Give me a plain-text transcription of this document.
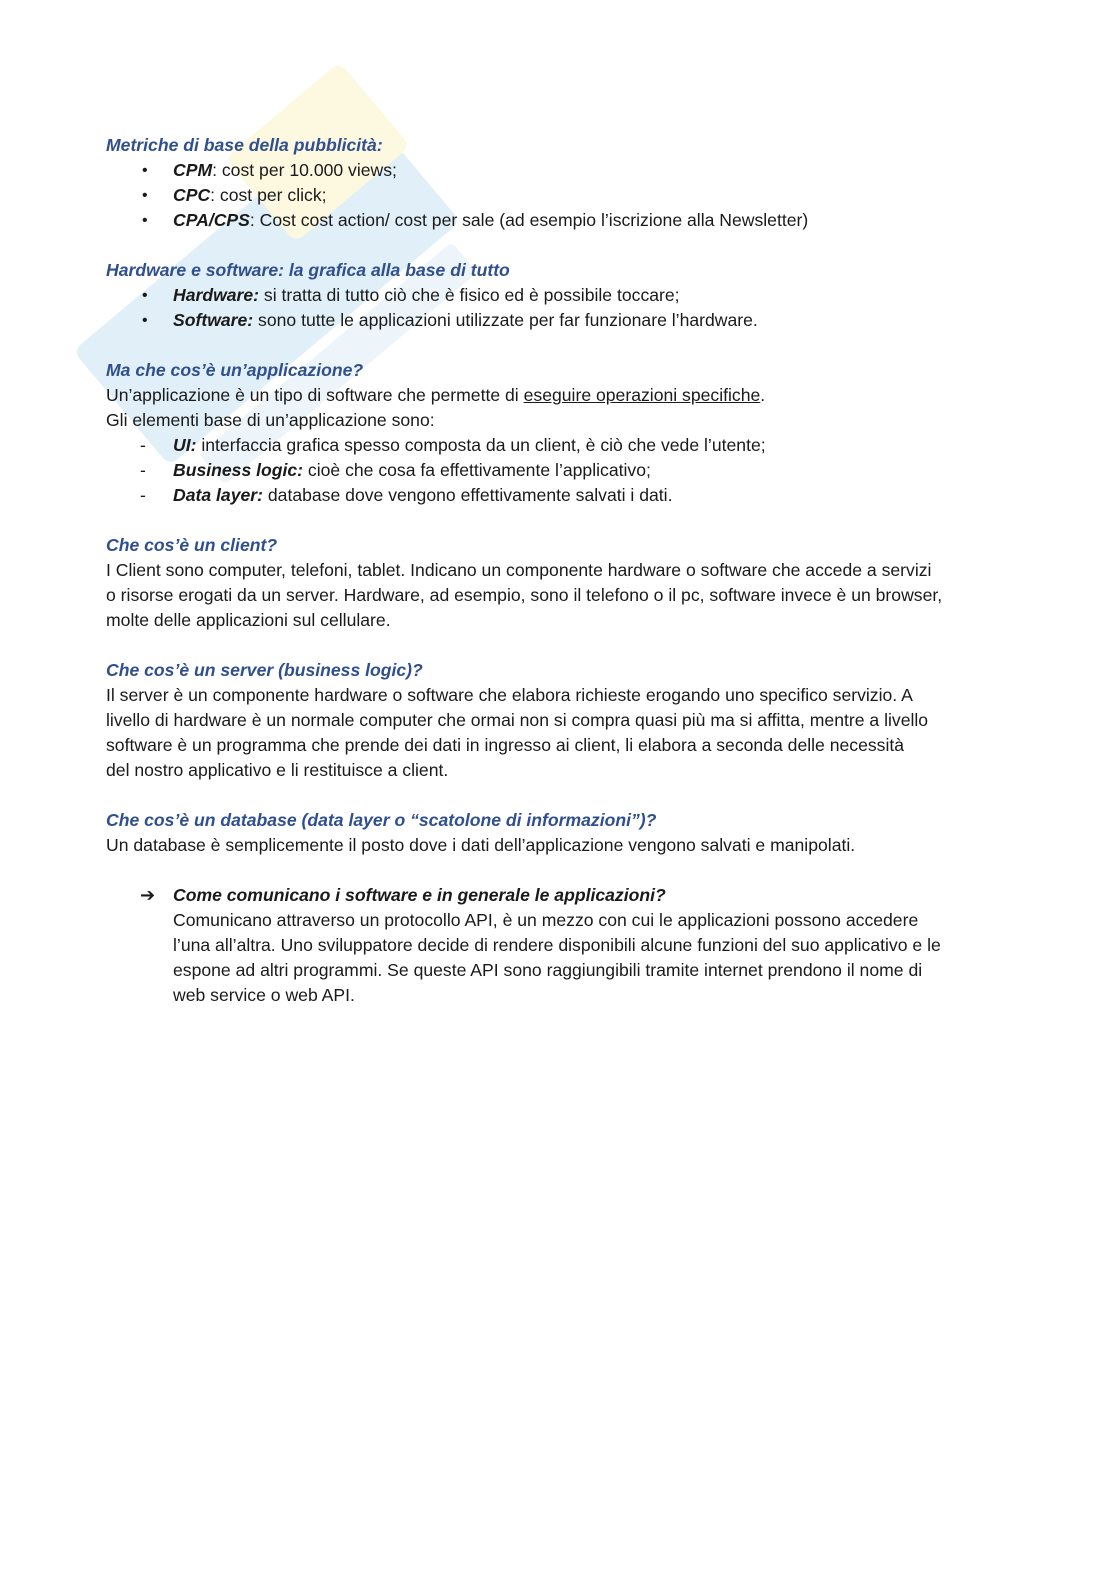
Metriche di base della pubblicità:

• CPM: cost per 10.000 views;
• CPC: cost per click;
• CPA/CPS: Cost cost action/ cost per sale (ad esempio l’iscrizione alla Newsletter)

Hardware e software: la grafica alla base di tutto

• Hardware: si tratta di tutto ciò che è fisico ed è possibile toccare;
• Software: sono tutte le applicazioni utilizzate per far funzionare l’hardware.

Ma che cos’è un’applicazione?

Un’applicazione è un tipo di software che permette di eseguire operazioni specifiche.

Gli elementi base di un’applicazione sono:

- UI: interfaccia grafica spesso composta da un client, è ciò che vede l’utente;
- Business logic: cioè che cosa fa effettivamente l’applicativo;
- Data layer: database dove vengono effettivamente salvati i dati.

Che cos’è un client?

I Client sono computer, telefoni, tablet. Indicano un componente hardware o software che accede a servizi

o risorse erogati da un server. Hardware, ad esempio, sono il telefono o il pc, software invece è un browser,

molte delle applicazioni sul cellulare.

Che cos’è un server (business logic)?

Il server è un componente hardware o software che elabora richieste erogando uno specifico servizio. A

livello di hardware è un normale computer che ormai non si compra quasi più ma si affitta, mentre a livello

software è un programma che prende dei dati in ingresso ai client, li elabora a seconda delle necessità

del nostro applicativo e li restituisce a client.

Che cos’è un database (data layer o “scatolone di informazioni”)?

Un database è semplicemente il posto dove i dati dell’applicazione vengono salvati e manipolati.

➔ Come comunicano i software e in generale le applicazioni?

Comunicano attraverso un protocollo API, è un mezzo con cui le applicazioni possono accedere

l’una all’altra. Uno sviluppatore decide di rendere disponibili alcune funzioni del suo applicativo e le

espone ad altri programmi. Se queste API sono raggiungibili tramite internet prendono il nome di

web service o web API.
